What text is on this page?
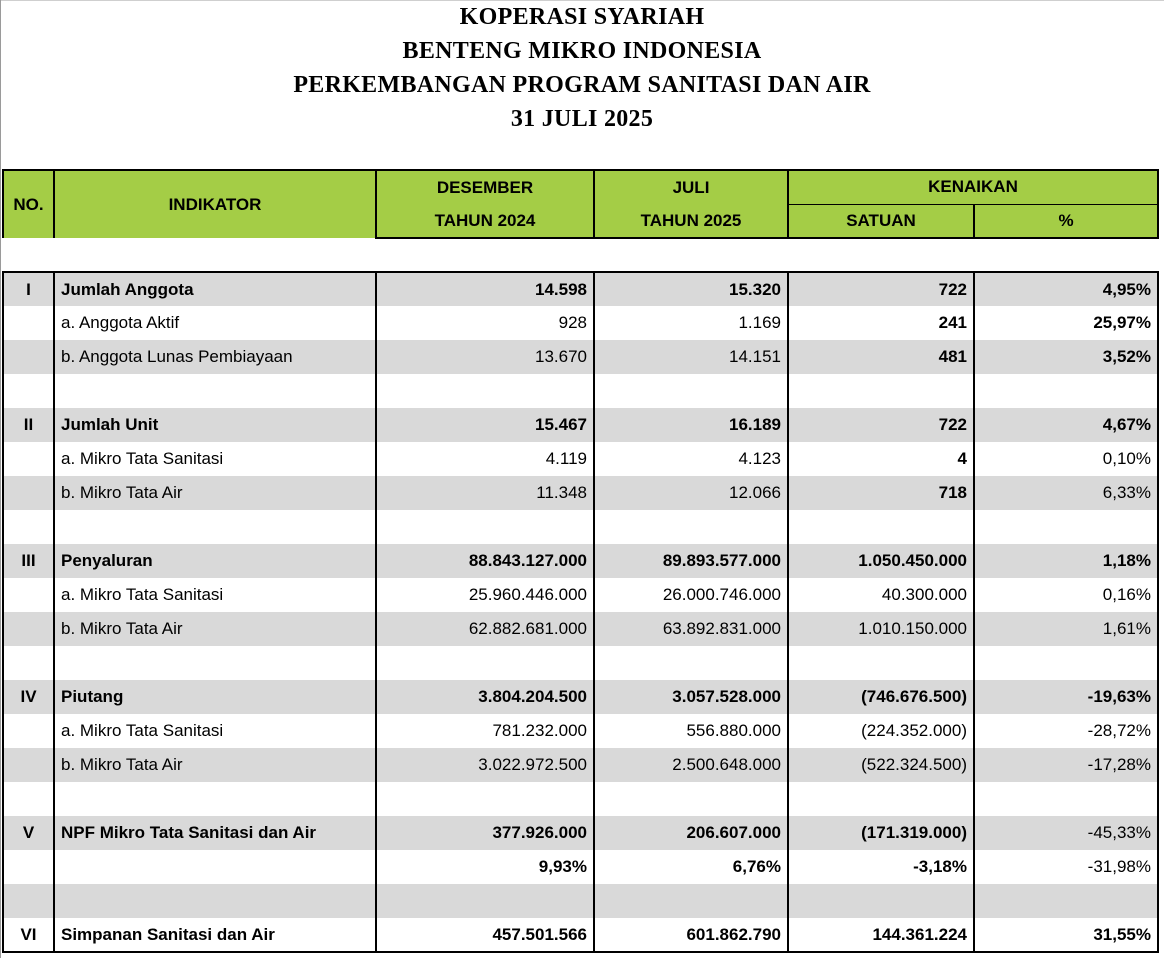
KOPERASI SYARIAH
BENTENG MIKRO INDONESIA
PERKEMBANGAN PROGRAM SANITASI DAN AIR
31 JULI 2025
NO.	INDIKATOR	DESEMBER	JULI	KENAIKAN	
		TAHUN 2024	TAHUN 2025	SATUAN	%

I	Jumlah Anggota	14.598	15.320	722	4,95%
	a. Anggota Aktif	928	1.169	241	25,97%
	b. Anggota Lunas Pembiayaan	13.670	14.151	481	3,52%

II	Jumlah Unit	15.467	16.189	722	4,67%
	a. Mikro Tata Sanitasi	4.119	4.123	4	0,10%
	b. Mikro Tata Air	11.348	12.066	718	6,33%

III	Penyaluran	88.843.127.000	89.893.577.000	1.050.450.000	1,18%
	a. Mikro Tata Sanitasi	25.960.446.000	26.000.746.000	40.300.000	0,16%
	b. Mikro Tata Air	62.882.681.000	63.892.831.000	1.010.150.000	1,61%

IV	Piutang	3.804.204.500	3.057.528.000	(746.676.500)	-19,63%
	a. Mikro Tata Sanitasi	781.232.000	556.880.000	(224.352.000)	-28,72%
	b. Mikro Tata Air	3.022.972.500	2.500.648.000	(522.324.500)	-17,28%

V	NPF Mikro Tata Sanitasi dan Air	377.926.000	206.607.000	(171.319.000)	-45,33%
		9,93%	6,76%	-3,18%	-31,98%

VI	Simpanan Sanitasi dan Air	457.501.566	601.862.790	144.361.224	31,55%
